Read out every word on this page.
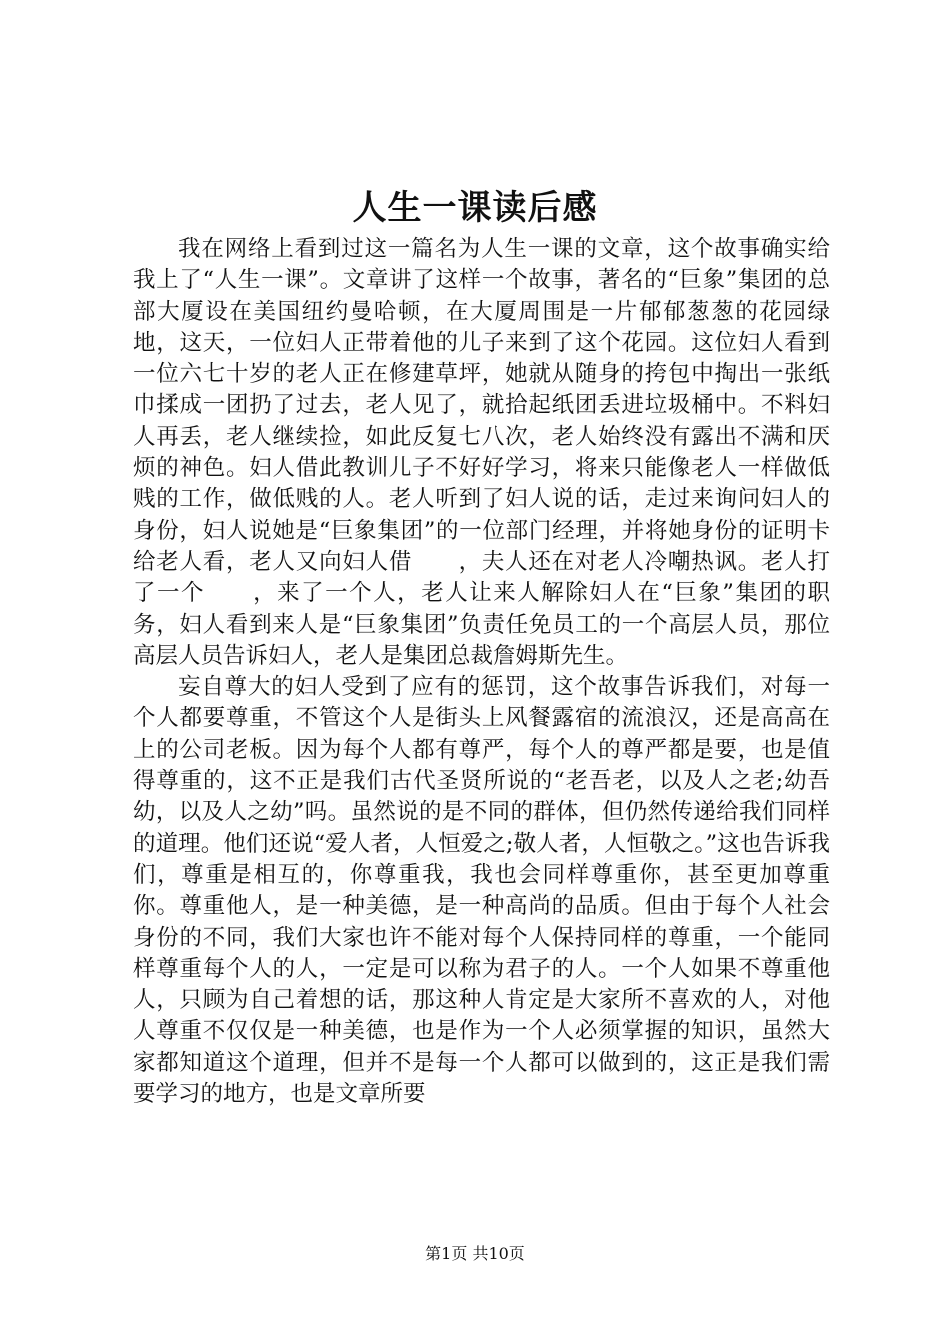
人生一课读后感

我在网络上看到过这一篇名为人生一课的文章，这个故事确实给我上了“人生一课”。文章讲了这样一个故事，著名的“巨象”集团的总部大厦设在美国纽约曼哈顿，在大厦周围是一片郁郁葱葱的花园绿地，这天，一位妇人正带着他的儿子来到了这个花园。这位妇人看到一位六七十岁的老人正在修建草坪，她就从随身的挎包中掏出一张纸巾揉成一团扔了过去，老人见了，就拾起纸团丢进垃圾桶中。不料妇人再丢，老人继续捡，如此反复七八次，老人始终没有露出不满和厌烦的神色。妇人借此教训儿子不好好学习，将来只能像老人一样做低贱的工作，做低贱的人。老人听到了妇人说的话，走过来询问妇人的身份，妇人说她是“巨象集团”的一位部门经理，并将她身份的证明卡给老人看，老人又向妇人借　　，夫人还在对老人冷嘲热讽。老人打了一个　　，来了一个人，老人让来人解除妇人在“巨象”集团的职务，妇人看到来人是“巨象集团”负责任免员工的一个高层人员，那位高层人员告诉妇人，老人是集团总裁詹姆斯先生。

妄自尊大的妇人受到了应有的惩罚，这个故事告诉我们，对每一个人都要尊重，不管这个人是街头上风餐露宿的流浪汉，还是高高在上的公司老板。因为每个人都有尊严，每个人的尊严都是要，也是值得尊重的，这不正是我们古代圣贤所说的“老吾老，以及人之老;幼吾幼，以及人之幼”吗。虽然说的是不同的群体，但仍然传递给我们同样的道理。他们还说“爱人者，人恒爱之;敬人者，人恒敬之。”这也告诉我们，尊重是相互的，你尊重我，我也会同样尊重你，甚至更加尊重你。尊重他人，是一种美德，是一种高尚的品质。但由于每个人社会身份的不同，我们大家也许不能对每个人保持同样的尊重，一个能同样尊重每个人的人，一定是可以称为君子的人。一个人如果不尊重他人，只顾为自己着想的话，那这种人肯定是大家所不喜欢的人，对他人尊重不仅仅是一种美德，也是作为一个人必须掌握的知识，虽然大家都知道这个道理，但并不是每一个人都可以做到的，这正是我们需要学习的地方，也是文章所要

第1页 共10页
